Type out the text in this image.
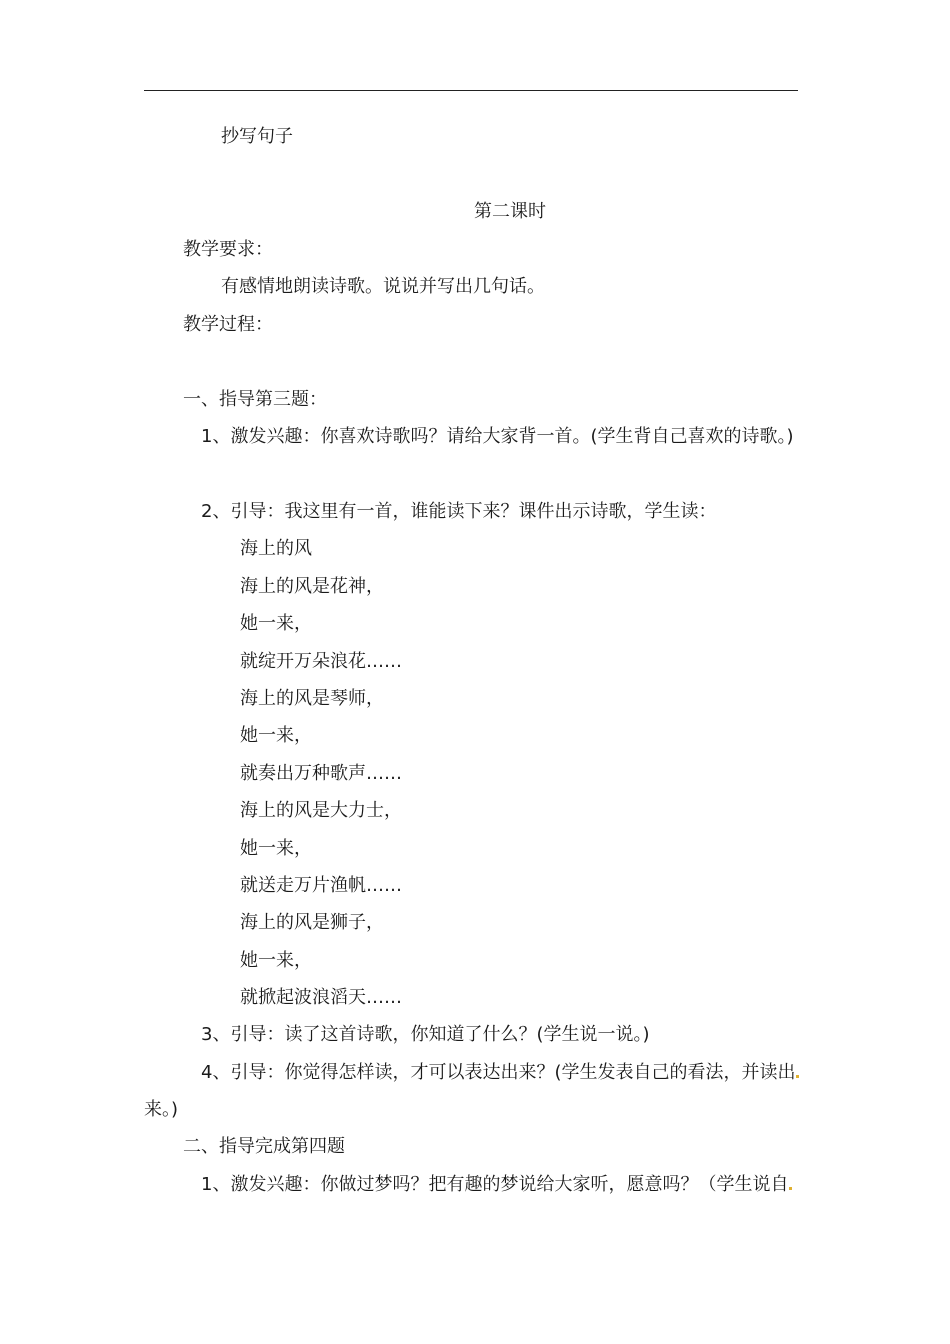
抄写句子
第二课时
教学要求：
有感情地朗读诗歌。说说并写出几句话。
教学过程：
一、指导第三题：
1、激发兴趣：你喜欢诗歌吗？请给大家背一首。(学生背自己喜欢的诗歌。)
2、引导：我这里有一首，谁能读下来？课件出示诗歌，学生读：
海上的风
海上的风是花神，
她一来，
就绽开万朵浪花……
海上的风是琴师，
她一来，
就奏出万种歌声……
海上的风是大力士，
她一来，
就送走万片渔帆……
海上的风是狮子，
她一来，
就掀起波浪滔天……
3、引导：读了这首诗歌，你知道了什么？(学生说一说。)
4、引导：你觉得怎样读，才可以表达出来？(学生发表自己的看法，并读出
来。)
二、指导完成第四题
1、激发兴趣：你做过梦吗？把有趣的梦说给大家听，愿意吗？（学生说自
